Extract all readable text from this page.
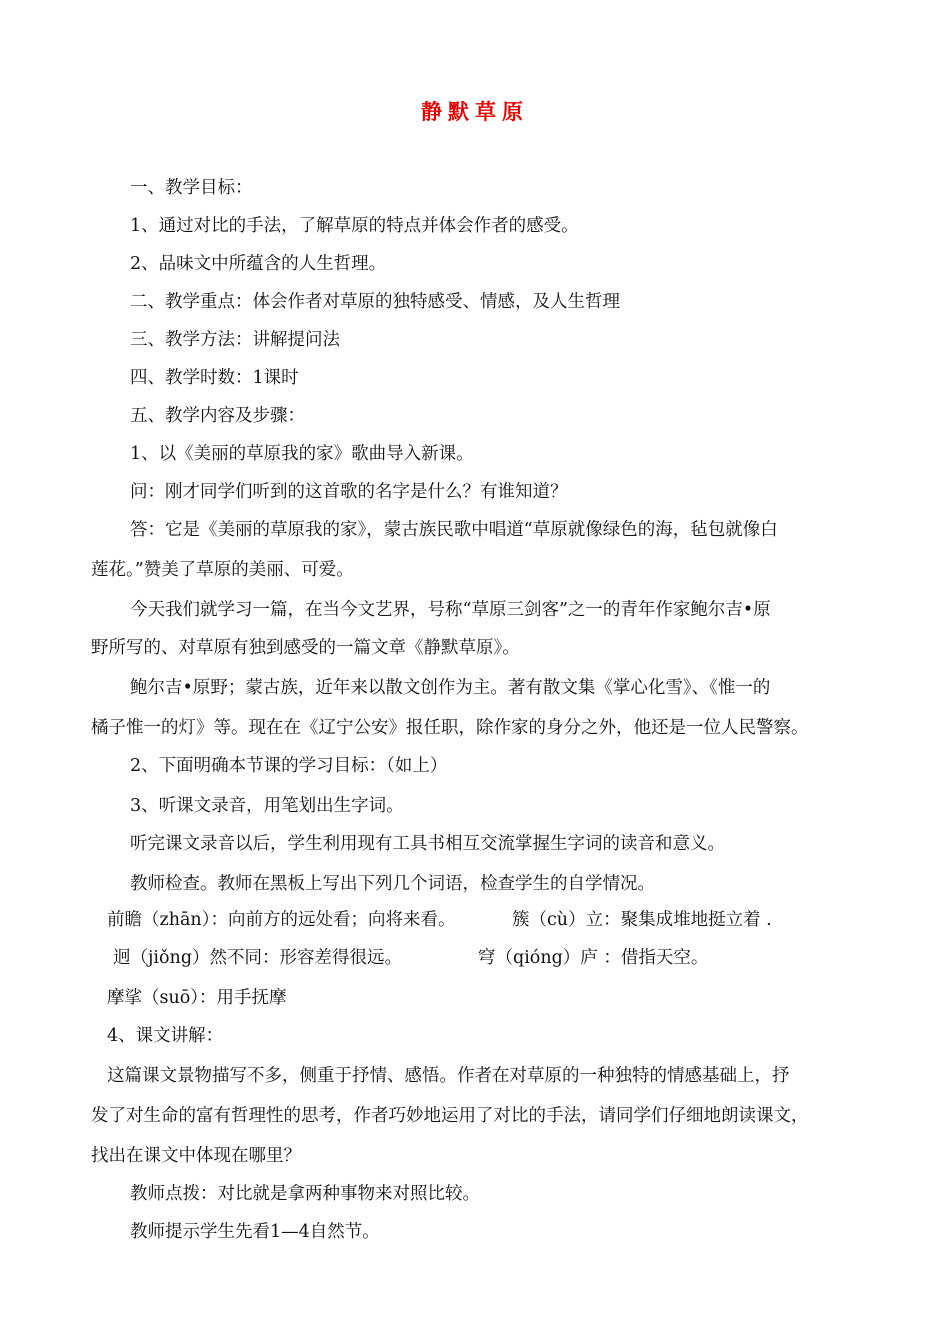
静默草原
一、教学目标：
1、通过对比的手法，了解草原的特点并体会作者的感受。
2、品味文中所蕴含的人生哲理。
二、教学重点：体会作者对草原的独特感受、情感，及人生哲理
三、教学方法：讲解提问法
四、教学时数：1课时
五、教学内容及步骤：
1、以《美丽的草原我的家》歌曲导入新课。
问：刚才同学们听到的这首歌的名字是什么？有谁知道？
答：它是《美丽的草原我的家》，蒙古族民歌中唱道“草原就像绿色的海，毡包就像白
莲花。”赞美了草原的美丽、可爱。
今天我们就学习一篇，在当今文艺界，号称“草原三剑客”之一的青年作家鲍尔吉•原
野所写的、对草原有独到感受的一篇文章《静默草原》。
鲍尔吉•原野；蒙古族，近年来以散文创作为主。著有散文集《掌心化雪》、《惟一的
橘子惟一的灯》等。现在在《辽宁公安》报任职，除作家的身分之外，他还是一位人民警察。
2、下面明确本节课的学习目标：（如上）
3、听课文录音，用笔划出生字词。
听完课文录音以后，学生利用现有工具书相互交流掌握生字词的读音和意义。
教师检查。教师在黑板上写出下列几个词语，检查学生的自学情况。
前瞻（zhān）：向前方的远处看；向将来看。	簇（cù）立：聚集成堆地挺立着 .
迥（jiǒng）然不同：形容差得很远。	穹（qióng）庐 ：借指天空。
摩挲（suō）：用手抚摩
4、课文讲解：
这篇课文景物描写不多，侧重于抒情、感悟。作者在对草原的一种独特的情感基础上，抒
发了对生命的富有哲理性的思考，作者巧妙地运用了对比的手法，请同学们仔细地朗读课文，
找出在课文中体现在哪里？
教师点拨：对比就是拿两种事物来对照比较。
教师提示学生先看1—4自然节。
